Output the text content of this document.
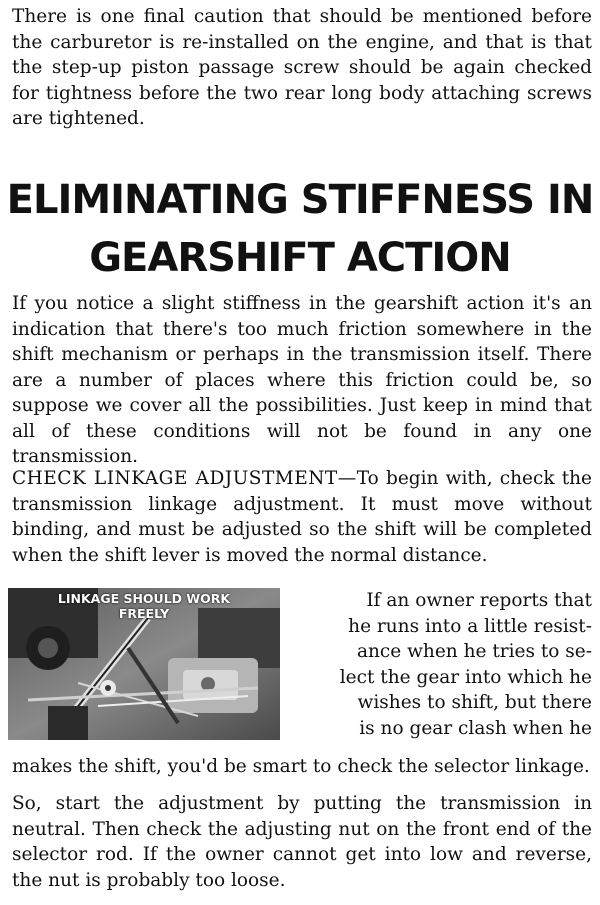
There is one final caution that should be mentioned before the carburetor is re-installed on the engine, and that is that the step-up piston passage screw should be again checked for tightness before the two rear long body attaching screws are tightened.

ELIMINATING STIFFNESS IN
GEARSHIFT ACTION

If you notice a slight stiffness in the gearshift action it's an indication that there's too much friction somewhere in the shift mechanism or perhaps in the transmission itself. There are a number of places where this friction could be, so suppose we cover all the possibilities. Just keep in mind that all of these conditions will not be found in any one transmission.

CHECK LINKAGE ADJUSTMENT—To begin with, check the transmission linkage adjustment. It must move without binding, and must be adjusted so the shift will be completed when the shift lever is moved the normal distance.

LINKAGE SHOULD WORK
FREELY
If an owner reports that
he runs into a little resist-
ance when he tries to se-
lect the gear into which he
wishes to shift, but there
is no gear clash when he

makes the shift, you'd be smart to check the selector linkage.

So, start the adjustment by putting the transmission in neutral. Then check the adjusting nut on the front end of the selector rod. If the owner cannot get into low and reverse, the nut is probably too loose.
